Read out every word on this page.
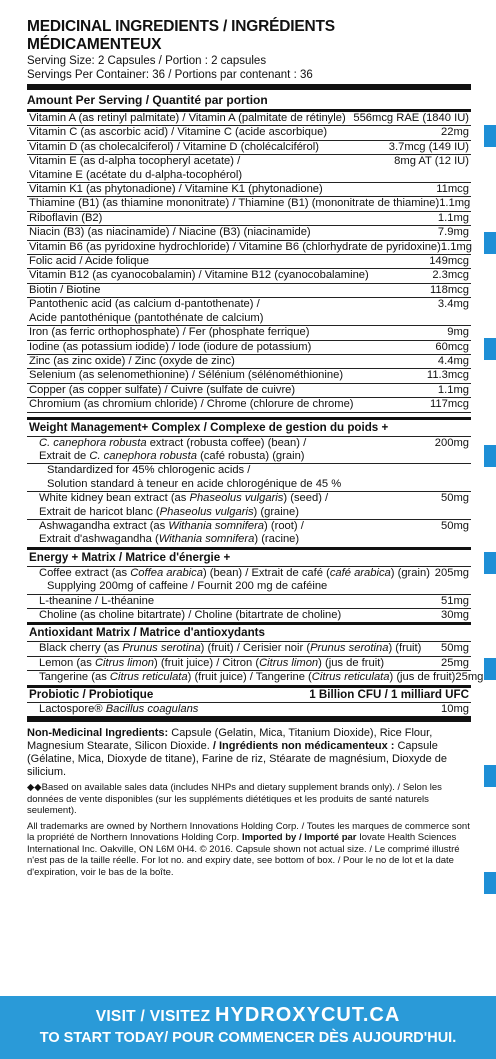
MEDICINAL INGREDIENTS / INGRÉDIENTS MÉDICAMENTEUX
Serving Size: 2 Capsules / Portion : 2 capsules
Servings Per Container: 36 / Portions par contenant : 36
Amount Per Serving / Quantité par portion
Vitamin A (as retinyl palmitate) / Vitamin A (palmitate de rétinyle) 556mcg RAE (1840 IU)
Vitamin C (as ascorbic acid) / Vitamine C (acide ascorbique)	22mg
Vitamin D (as cholecalciferol) / Vitamine D (cholécalciférol)	3.7mcg (149 IU)
Vitamin E (as d-alpha tocopheryl acetate) /	8mg AT (12 IU)
Vitamine E (acétate du d-alpha-tocophérol)
Vitamin K1 (as phytonadione) / Vitamine K1 (phytonadione)	11mcg
Thiamine (B1) (as thiamine mononitrate) / Thiamine (B1) (mononitrate de thiamine) 1.1mg
Riboflavin (B2)	1.1mg
Niacin (B3) (as niacinamide) / Niacine (B3) (niacinamide)	7.9mg
Vitamin B6 (as pyridoxine hydrochloride) / Vitamine B6 (chlorhydrate de pyridoxine) 1.1mg
Folic acid / Acide folique	149mcg
Vitamin B12 (as cyanocobalamin) / Vitamine B12 (cyanocobalamine)	2.3mcg
Biotin / Biotine	118mcg
Pantothenic acid (as calcium d-pantothenate) /	3.4mg
Acide pantothénique (pantothénate de calcium)
Iron (as ferric orthophosphate) / Fer (phosphate ferrique)	9mg
Iodine (as potassium iodide) / Iode (iodure de potassium)	60mcg
Zinc (as zinc oxide) / Zinc (oxyde de zinc)	4.4mg
Selenium (as selenomethionine) / Sélénium (sélénométhionine)	11.3mcg
Copper (as copper sulfate) / Cuivre (sulfate de cuivre)	1.1mg
Chromium (as chromium chloride) / Chrome (chlorure de chrome)	117mcg
Weight Management+ Complex / Complexe de gestion du poids +
C. canephora robusta extract (robusta coffee) (bean) /	200mg
Extrait de C. canephora robusta (café robusta) (grain)
Standardized for 45% chlorogenic acids /
Solution standard à teneur en acide chlorogénique de 45 %
White kidney bean extract (as Phaseolus vulgaris) (seed) /	50mg
Extrait de haricot blanc (Phaseolus vulgaris) (graine)
Ashwagandha extract (as Withania somnifera) (root) /	50mg
Extrait d'ashwagandha (Withania somnifera) (racine)
Energy + Matrix / Matrice d'énergie +
Coffee extract (as Coffea arabica) (bean) / Extrait de café (café arabica) (grain) 205mg
Supplying 200mg of caffeine / Fournit 200 mg de caféine
L-theanine / L-théanine	51mg
Choline (as choline bitartrate) / Choline (bitartrate de choline)	30mg
Antioxidant Matrix / Matrice d'antioxydants
Black cherry (as Prunus serotina) (fruit) / Cerisier noir (Prunus serotina) (fruit)	50mg
Lemon (as Citrus limon) (fruit juice) / Citron (Citrus limon) (jus de fruit)	25mg
Tangerine (as Citrus reticulata) (fruit juice) / Tangerine (Citrus reticulata) (jus de fruit) 25mg
Probiotic / Probiotique	1 Billion CFU / 1 milliard UFC
Lactospore® Bacillus coagulans	10mg
Non-Medicinal Ingredients: Capsule (Gelatin, Mica, Titanium Dioxide), Rice Flour, Magnesium Stearate, Silicon Dioxide. / Ingrédients non médicamenteux : Capsule (Gélatine, Mica, Dioxyde de titane), Farine de riz, Stéarate de magnésium, Dioxyde de silicium.
◆◆Based on available sales data (includes NHPs and dietary supplement brands only). / Selon les données de vente disponibles (sur les suppléments diététiques et les produits de santé naturels seulement).
All trademarks are owned by Northern Innovations Holding Corp. / Toutes les marques de commerce sont la propriété de Northern Innovations Holding Corp. Imported by / Importé par Iovate Health Sciences International Inc. Oakville, ON L6M 0H4. © 2016. Capsule shown not actual size. / Le comprimé illustré n'est pas de la taille réelle. For lot no. and expiry date, see bottom of box. / Pour le no de lot et la date d'expiration, voir le bas de la boîte.
VISIT / VISITEZ HYDROXYCUT.CA
TO START TODAY/ POUR COMMENCER DÈS AUJOURD'HUI.
